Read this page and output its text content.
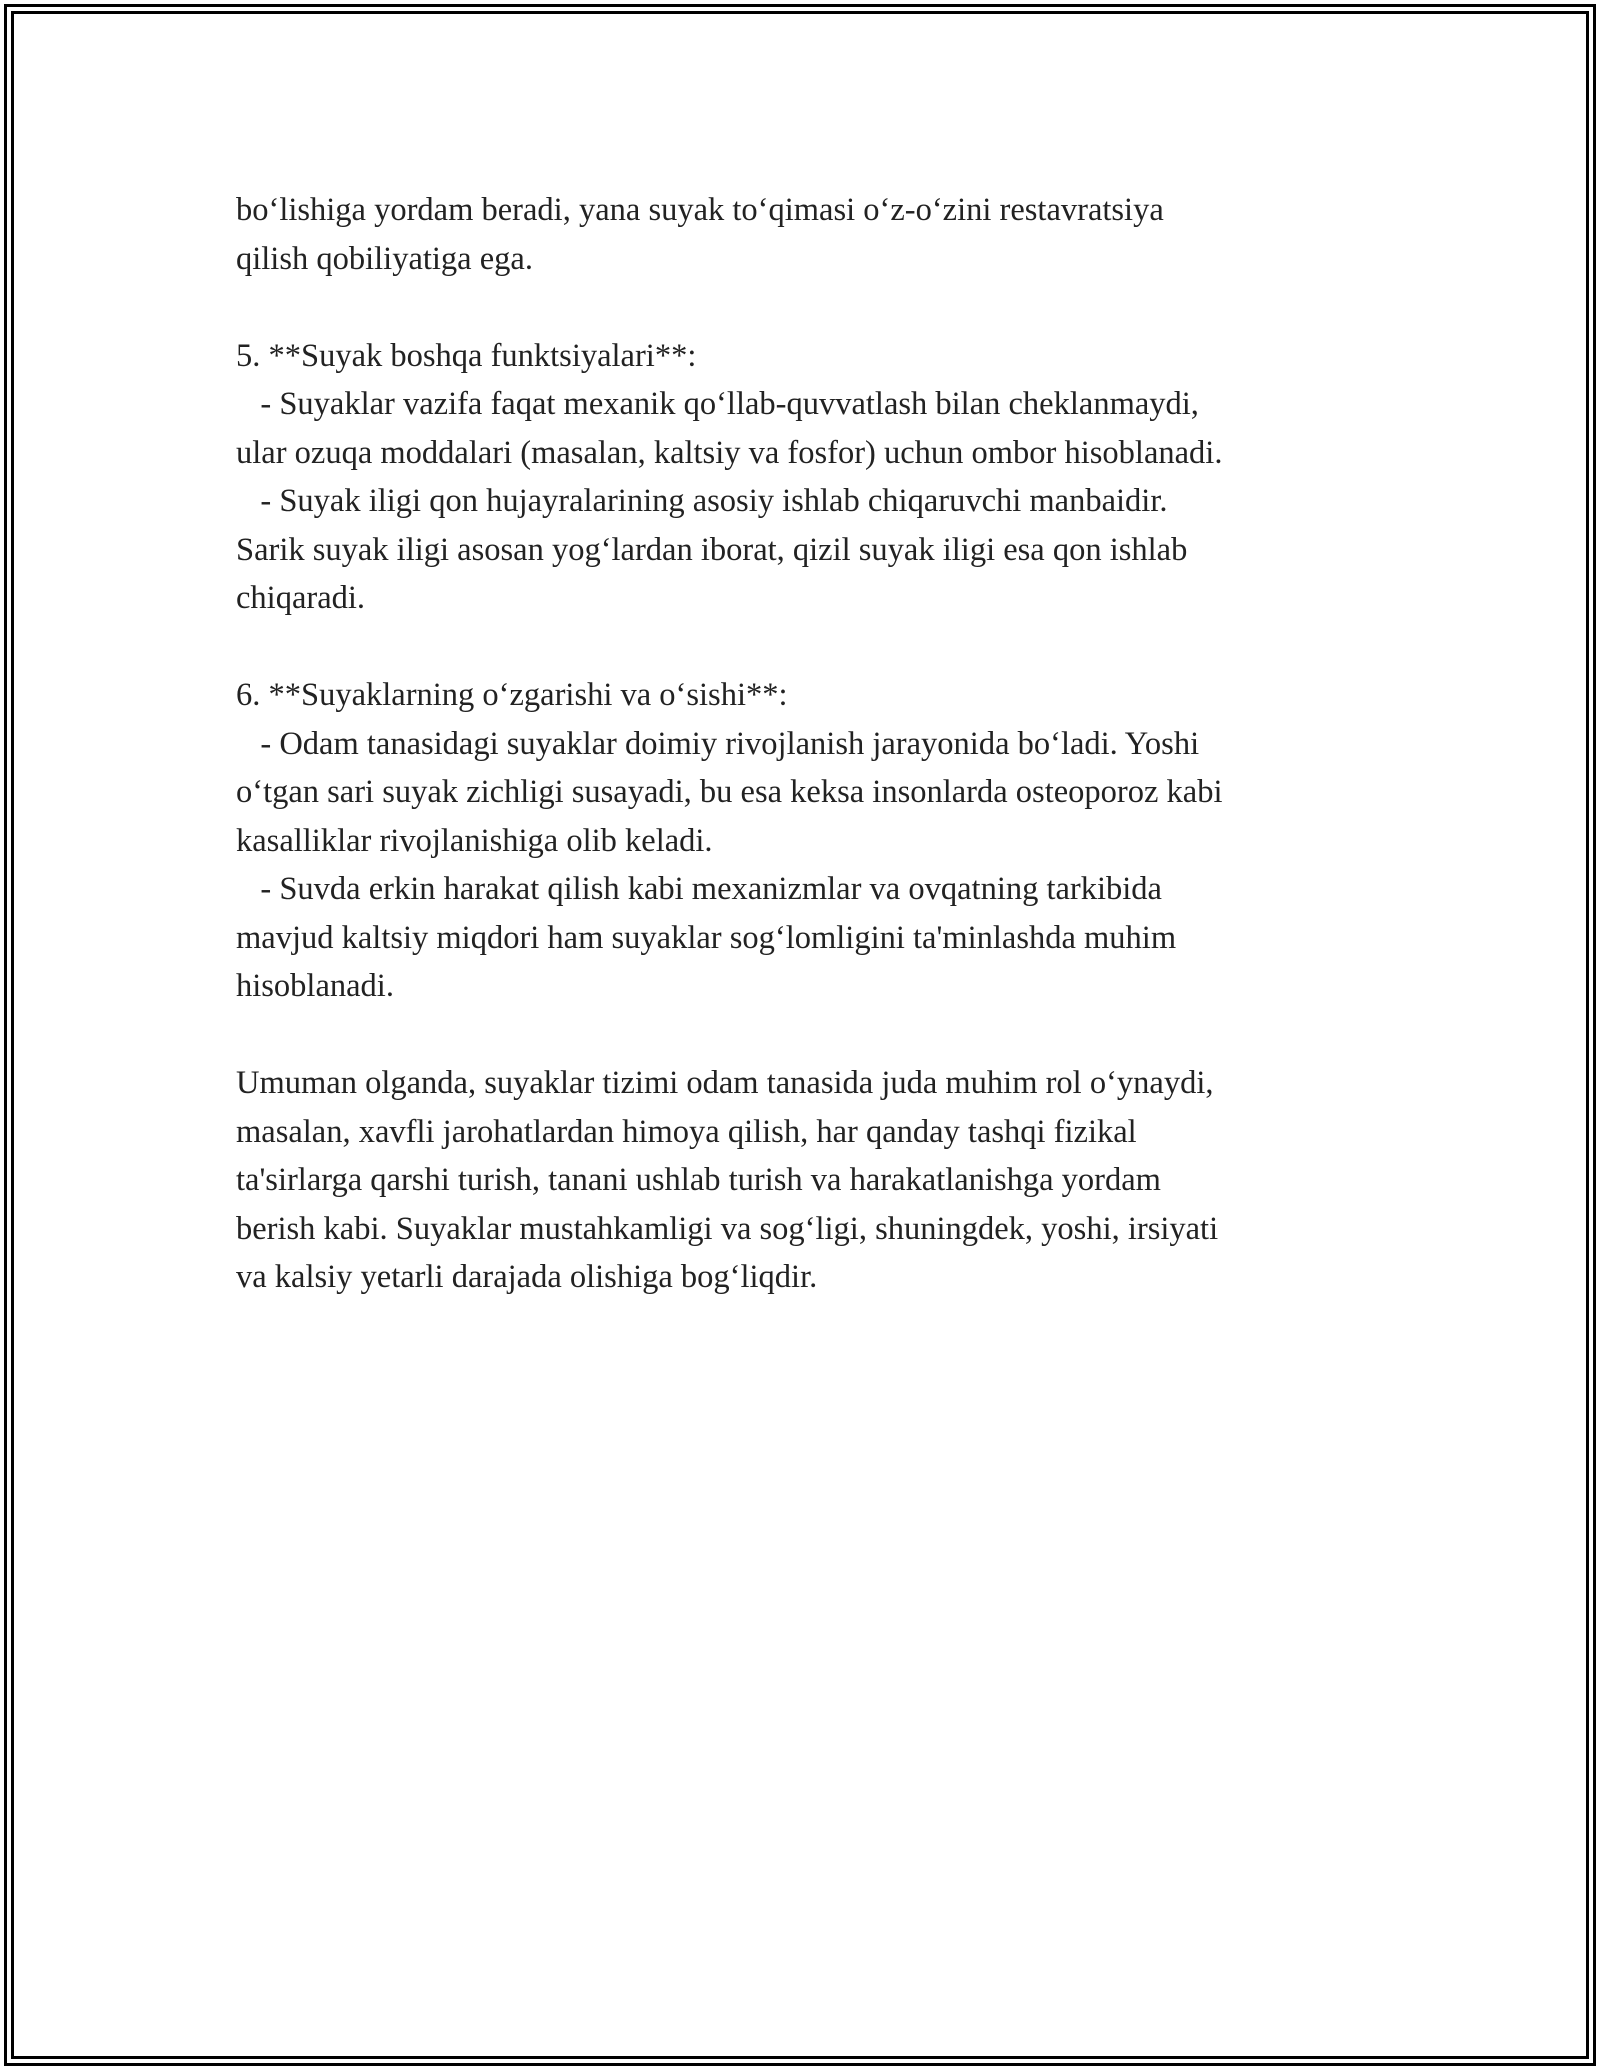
bo‘lishiga yordam beradi, yana suyak to‘qimasi o‘z-o‘zini restavratsiya
qilish qobiliyatiga ega.
5. **Suyak boshqa funktsiyalari**:
- Suyaklar vazifa faqat mexanik qo‘llab-quvvatlash bilan cheklanmaydi,
ular ozuqa moddalari (masalan, kaltsiy va fosfor) uchun ombor hisoblanadi.
- Suyak iligi qon hujayralarining asosiy ishlab chiqaruvchi manbaidir.
Sarik suyak iligi asosan yog‘lardan iborat, qizil suyak iligi esa qon ishlab
chiqaradi.
6. **Suyaklarning o‘zgarishi va o‘sishi**:
- Odam tanasidagi suyaklar doimiy rivojlanish jarayonida bo‘ladi. Yoshi
o‘tgan sari suyak zichligi susayadi, bu esa keksa insonlarda osteoporoz kabi
kasalliklar rivojlanishiga olib keladi.
- Suvda erkin harakat qilish kabi mexanizmlar va ovqatning tarkibida
mavjud kaltsiy miqdori ham suyaklar sog‘lomligini ta'minlashda muhim
hisoblanadi.
Umuman olganda, suyaklar tizimi odam tanasida juda muhim rol o‘ynaydi,
masalan, xavfli jarohatlardan himoya qilish, har qanday tashqi fizikal
ta'sirlarga qarshi turish, tanani ushlab turish va harakatlanishga yordam
berish kabi. Suyaklar mustahkamligi va sog‘ligi, shuningdek, yoshi, irsiyati
va kalsiy yetarli darajada olishiga bog‘liqdir.
